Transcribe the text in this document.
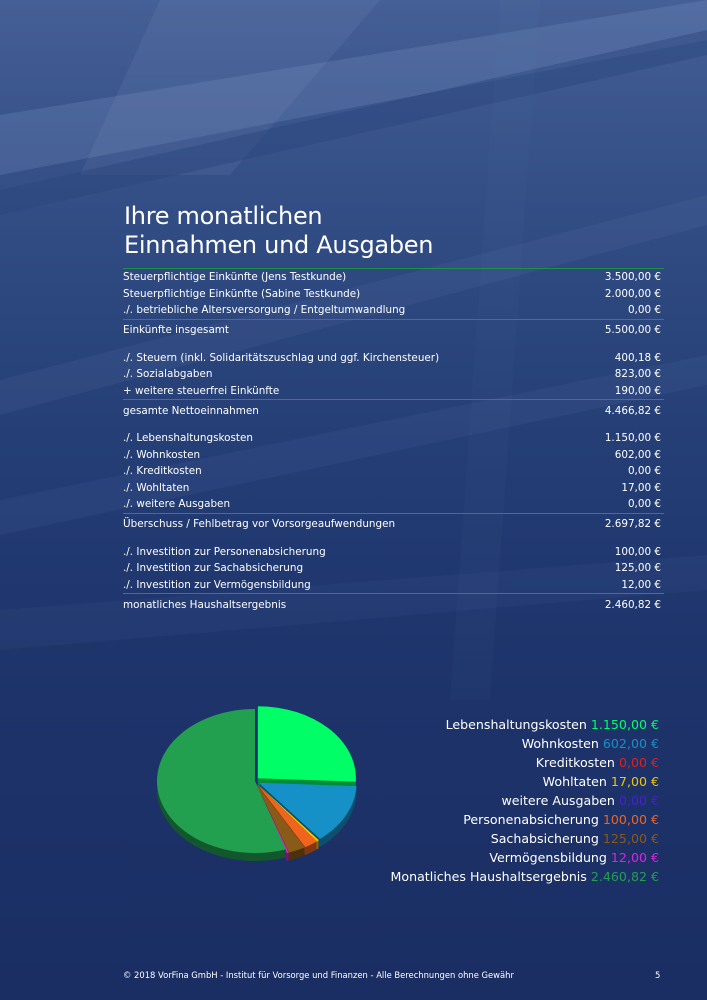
Ihre monatlichen
Einnahmen und Ausgaben

Steuerpflichtige Einkünfte (Jens Testkunde)	3.500,00 €
Steuerpflichtige Einkünfte (Sabine Testkunde)	2.000,00 €
./. betriebliche Altersversorgung / Entgeltumwandlung	0,00 €

Einkünfte insgesamt	5.500,00 €

./. Steuern (inkl. Solidaritätszuschlag und ggf. Kirchensteuer)	400,18 €
./. Sozialabgaben	823,00 €
+ weitere steuerfrei Einkünfte	190,00 €

gesamte Nettoeinnahmen	4.466,82 €

./. Lebenshaltungskosten	1.150,00 €
./. Wohnkosten	602,00 €
./. Kreditkosten	0,00 €
./. Wohltaten	17,00 €
./. weitere Ausgaben	0,00 €

Überschuss / Fehlbetrag vor Vorsorgeaufwendungen	2.697,82 €

./. Investition zur Personenabsicherung	100,00 €
./. Investition zur Sachabsicherung	125,00 €
./. Investition zur Vermögensbildung	12,00 €

monatliches Haushaltsergebnis	2.460,82 €
Lebenshaltungskosten 1.150,00 €
Wohnkosten 602,00 €
Kreditkosten 0,00 €
Wohltaten 17,00 €
weitere Ausgaben 0,00 €
Personenabsicherung 100,00 €
Sachabsicherung 125,00 €
Vermögensbildung 12,00 €
Monatliches Haushaltsergebnis 2.460,82 €
© 2018 VorFina GmbH - Institut für Vorsorge und Finanzen - Alle Berechnungen ohne Gewähr	5
